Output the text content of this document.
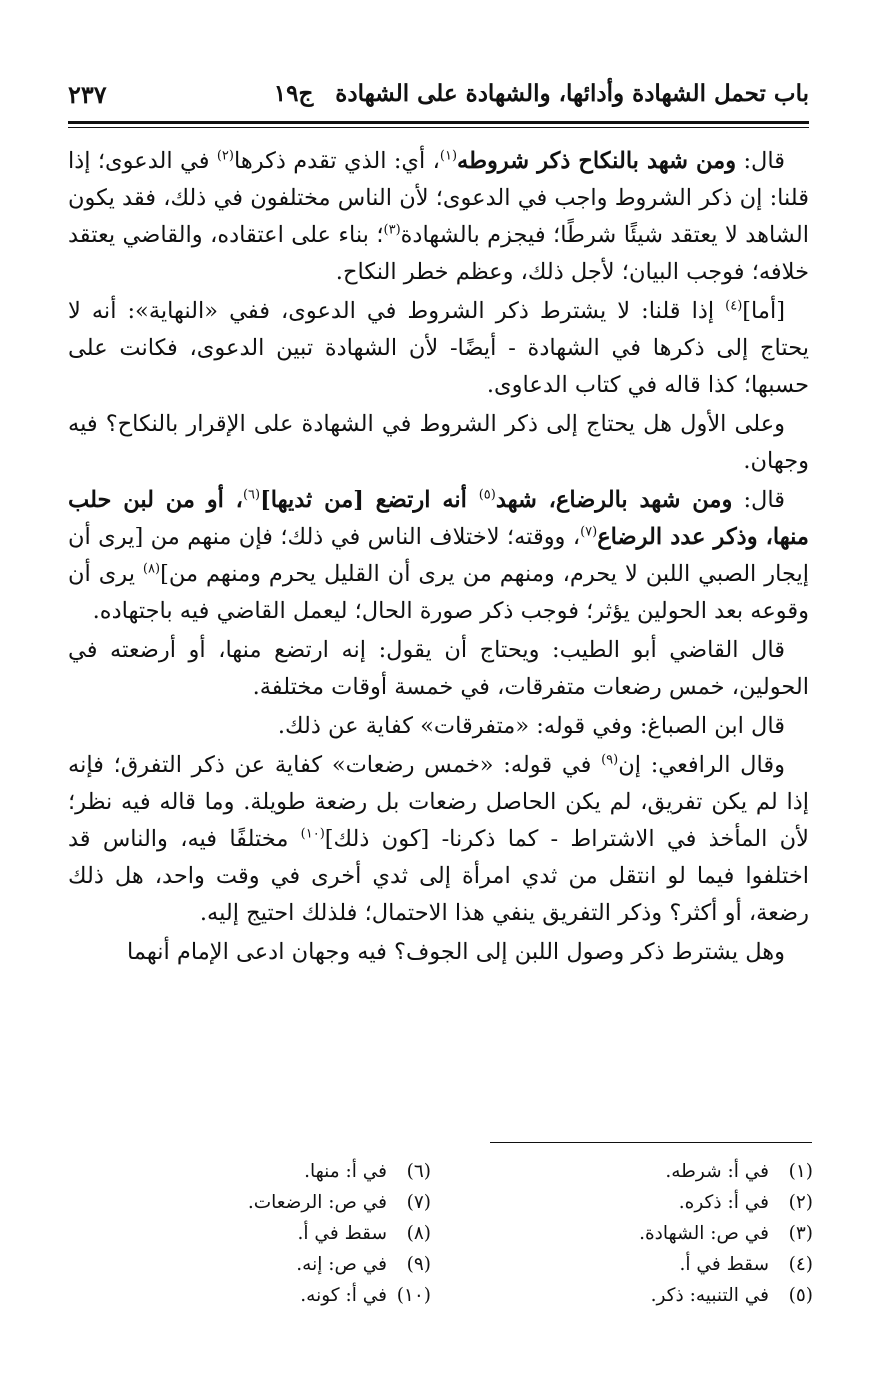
باب تحمل الشهادة وأدائها، والشهادة على الشهادةج١٩
٢٣٧

قال: ومن شهد بالنكاح ذكر شروطه$^{(١)}$، أي: الذي تقدم ذكرها$^{(٢)}$ في الدعوى؛ إذا قلنا: إن ذكر الشروط واجب في الدعوى؛ لأن الناس مختلفون في ذلك، فقد يكون الشاهد لا يعتقد شيئًا شرطًا؛ فيجزم بالشهادة$^{(٣)}$؛ بناء على اعتقاده، والقاضي يعتقد خلافه؛ فوجب البيان؛ لأجل ذلك، وعظم خطر النكاح.

[أما]$^{(٤)}$ إذا قلنا: لا يشترط ذكر الشروط في الدعوى، ففي «النهاية»: أنه لا يحتاج إلى ذكرها في الشهادة - أيضًا- لأن الشهادة تبين الدعوى، فكانت على حسبها؛ كذا قاله في كتاب الدعاوى.

وعلى الأول هل يحتاج إلى ذكر الشروط في الشهادة على الإقرار بالنكاح؟ فيه وجهان.

قال: ومن شهد بالرضاع، شهد$^{(٥)}$ أنه ارتضع [من ثديها]$^{(٦)}$، أو من لبن حلب منها، وذكر عدد الرضاع$^{(٧)}$، ووقته؛ لاختلاف الناس في ذلك؛ فإن منهم من [يرى أن إيجار الصبي اللبن لا يحرم، ومنهم من يرى أن القليل يحرم ومنهم من]$^{(٨)}$ يرى أن وقوعه بعد الحولين يؤثر؛ فوجب ذكر صورة الحال؛ ليعمل القاضي فيه باجتهاده.

قال القاضي أبو الطيب: ويحتاج أن يقول: إنه ارتضع منها، أو أرضعته في الحولين، خمس رضعات متفرقات، في خمسة أوقات مختلفة.

قال ابن الصباغ: وفي قوله: «متفرقات» كفاية عن ذلك.

وقال الرافعي: إن$^{(٩)}$ في قوله: «خمس رضعات» كفاية عن ذكر التفرق؛ فإنه إذا لم يكن تفريق، لم يكن الحاصل رضعات بل رضعة طويلة. وما قاله فيه نظر؛ لأن المأخذ في الاشتراط - كما ذكرنا- [كون ذلك]$^{(١٠)}$ مختلفًا فيه، والناس قد اختلفوا فيما لو انتقل من ثدي امرأة إلى ثدي أخرى في وقت واحد، هل ذلك رضعة، أو أكثر؟ وذكر التفريق ينفي هذا الاحتمال؛ فلذلك احتيج إليه.

وهل يشترط ذكر وصول اللبن إلى الجوف؟ فيه وجهان ادعى الإمام أنهما

(١)في أ: شرطه.
(٢)في أ: ذكره.
(٣)في ص: الشهادة.
(٤)سقط في أ.
(٥)في التنبيه: ذكر.
(٦)في أ: منها.
(٧)في ص: الرضعات.
(٨)سقط في أ.
(٩)في ص: إنه.
(١٠)في أ: كونه.
